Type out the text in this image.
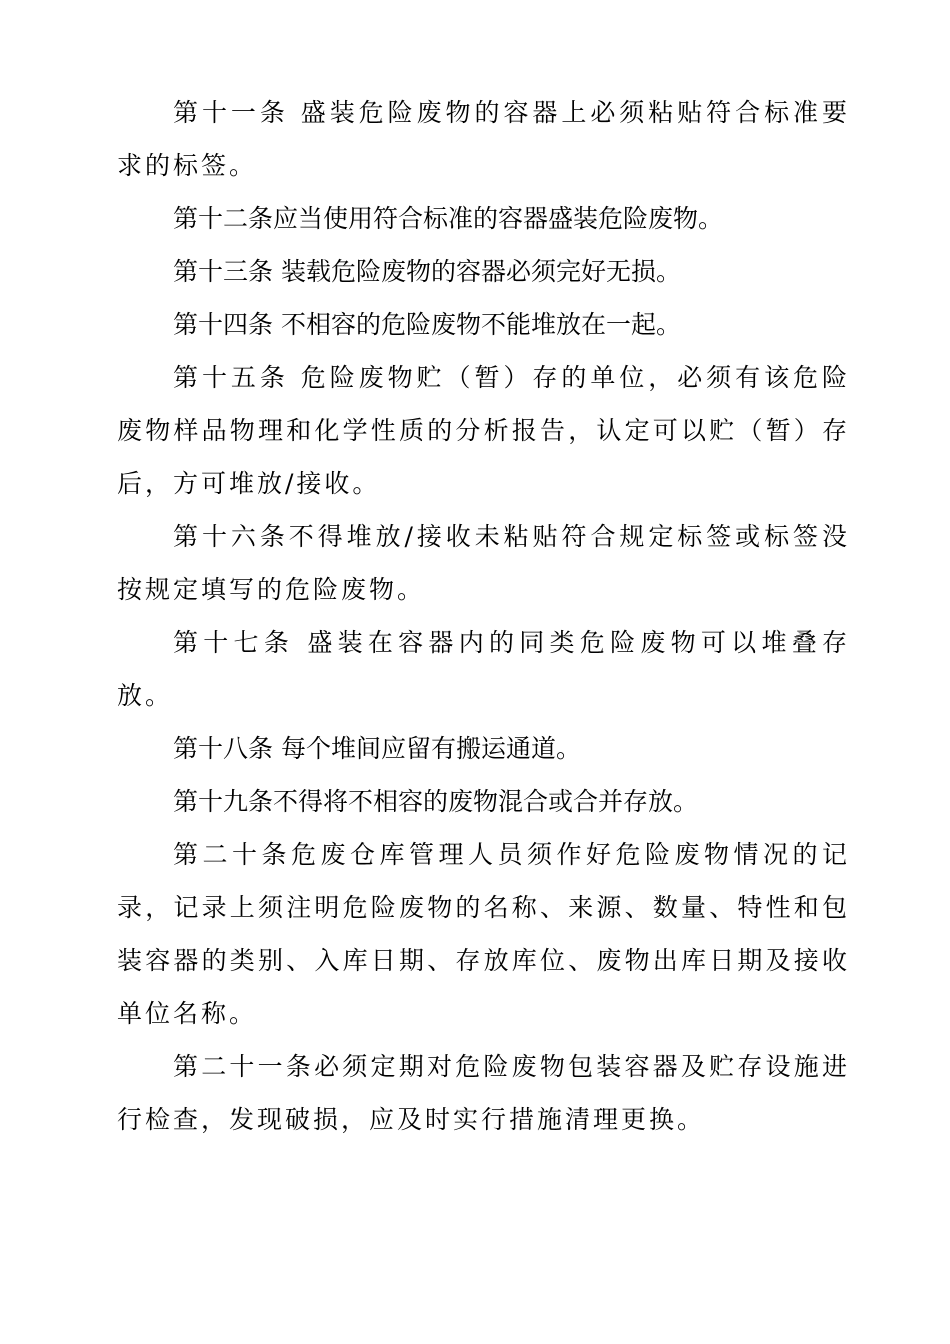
第十一条 盛装危险废物的容器上必须粘贴符合标准要求的标签。

第十二条应当使用符合标准的容器盛装危险废物。

第十三条 装载危险废物的容器必须完好无损。

第十四条 不相容的危险废物不能堆放在一起。

第十五条 危险废物贮（暂）存的单位，必须有该危险废物样品物理和化学性质的分析报告，认定可以贮（暂）存后，方可堆放/接收。

第十六条不得堆放/接收未粘贴符合规定标签或标签没按规定填写的危险废物。

第十七条 盛装在容器内的同类危险废物可以堆叠存放。

第十八条 每个堆间应留有搬运通道。

第十九条不得将不相容的废物混合或合并存放。

第二十条危废仓库管理人员须作好危险废物情况的记录，记录上须注明危险废物的名称、来源、数量、特性和包装容器的类别、入库日期、存放库位、废物出库日期及接收单位名称。

第二十一条必须定期对危险废物包装容器及贮存设施进行检查，发现破损，应及时实行措施清理更换。
